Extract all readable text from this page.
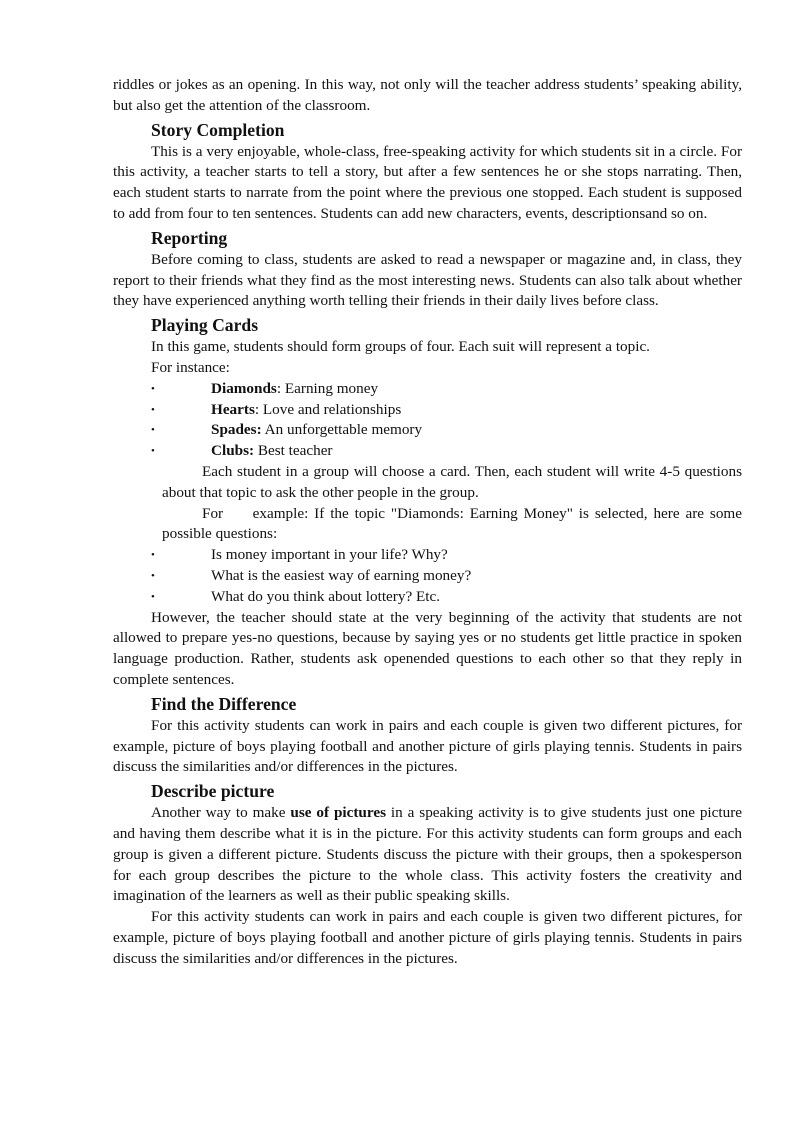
riddles or jokes as an opening. In this way, not only will the teacher address students’ speaking ability, but also get the attention of the classroom.

Story Completion

This is a very enjoyable, whole-class, free-speaking activity for which students sit in a circle. For this activity, a teacher starts to tell a story, but after a few sentences he or she stops narrating. Then, each student starts to narrate from the point where the previous one stopped. Each student is supposed to add from four to ten sentences. Students can add new characters, events, descriptionsand so on.

Reporting

Before coming to class, students are asked to read a newspaper or magazine and, in class, they report to their friends what they find as the most interesting news. Students can also talk about whether they have experienced anything worth telling their friends in their daily lives before class.

Playing Cards

In this game, students should form groups of four. Each suit will represent a topic.

For instance:

•	Diamonds: Earning money
•	Hearts: Love and relationships
•	Spades: An unforgettable memory
•	Clubs: Best teacher

Each student in a group will choose a card. Then, each student will write 4-5 questions about that topic to ask the other people in the group.

For     example: If the topic "Diamonds: Earning Money" is selected, here are some possible questions:

•	Is money important in your life? Why?
•	What is the easiest way of earning money?
•	What do you think about lottery? Etc.

However, the teacher should state at the very beginning of the activity that students are not allowed to prepare yes-no questions, because by saying yes or no students get little practice in spoken language production. Rather, students ask openended questions to each other so that they reply in complete sentences.

Find the Difference

For this activity students can work in pairs and each couple is given two different pictures, for example, picture of boys playing football and another picture of girls playing tennis. Students in pairs discuss the similarities and/or differences in the pictures.

Describe picture

Another way to make use of pictures in a speaking activity is to give students just one picture and having them describe what it is in the picture. For this activity students can form groups and each group is given a different picture. Students discuss the picture with their groups, then a spokesperson for each group describes the picture to the whole class. This activity fosters the creativity and imagination of the learners as well as their public speaking skills.

For this activity students can work in pairs and each couple is given two different pictures, for example, picture of boys playing football and another picture of girls playing tennis. Students in pairs discuss the similarities and/or differences in the pictures.
